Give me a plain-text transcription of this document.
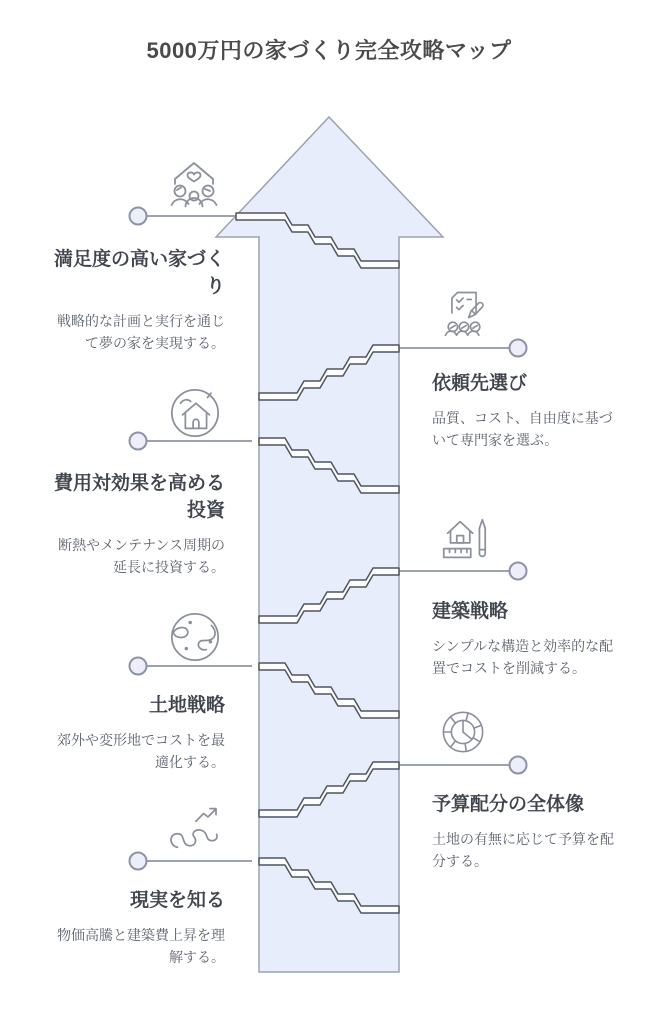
5000万円の家づくり完全攻略マップ
満足度の高い家づくり

戦略的な計画と実行を通じて夢の家を実現する。

費用対効果を高める投資

断熱やメンテナンス周期の延長に投資する。

土地戦略

郊外や変形地でコストを最適化する。

現実を知る

物価高騰と建築費上昇を理解する。

依頼先選び

品質、コスト、自由度に基づいて専門家を選ぶ。

建築戦略

シンプルな構造と効率的な配置でコストを削減する。

予算配分の全体像

土地の有無に応じて予算を配分する。
